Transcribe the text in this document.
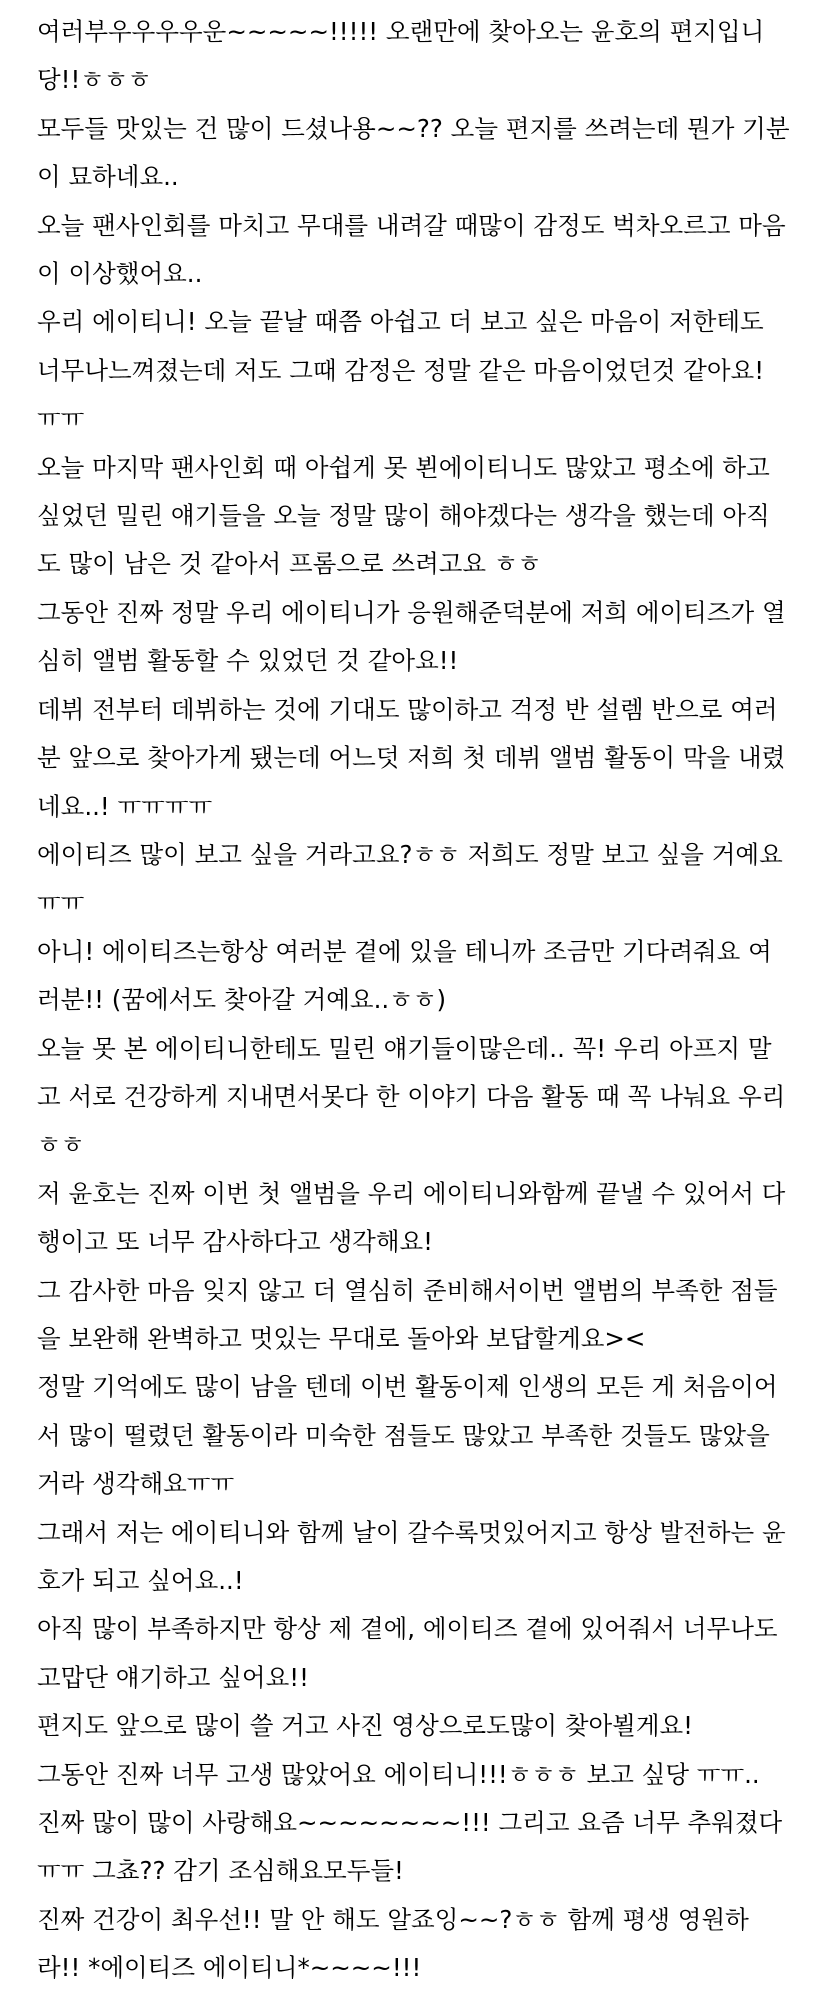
여러부우우우우운~~~~~!!!!! 오랜만에 찾아오는 윤호의 편지입니당!!ㅎㅎㅎ

모두들 맛있는 건 많이 드셨나용~~?? 오늘 편지를 쓰려는데 뭔가 기분이 묘하네요..

오늘 팬사인회를 마치고 무대를 내려갈 때많이 감정도 벅차오르고 마음이 이상했어요..

우리 에이티니! 오늘 끝날 때쯤 아쉽고 더 보고 싶은 마음이 저한테도 너무나느껴졌는데 저도 그때 감정은 정말 같은 마음이었던것 같아요! ㅠㅠ

오늘 마지막 팬사인회 때 아쉽게 못 뵌에이티니도 많았고 평소에 하고 싶었던 밀린 얘기들을 오늘 정말 많이 해야겠다는 생각을 했는데 아직도 많이 남은 것 같아서 프롬으로 쓰려고요 ㅎㅎ

그동안 진짜 정말 우리 에이티니가 응원해준덕분에 저희 에이티즈가 열심히 앨범 활동할 수 있었던 것 같아요!!

데뷔 전부터 데뷔하는 것에 기대도 많이하고 걱정 반 설렘 반으로 여러분 앞으로 찾아가게 됐는데 어느덧 저희 첫 데뷔 앨범 활동이 막을 내렸네요..! ㅠㅠㅠㅠ

에이티즈 많이 보고 싶을 거라고요?ㅎㅎ 저희도 정말 보고 싶을 거예요 ㅠㅠ

아니! 에이티즈는항상 여러분 곁에 있을 테니까 조금만 기다려줘요 여러분!! (꿈에서도 찾아갈 거예요..ㅎㅎ)

오늘 못 본 에이티니한테도 밀린 얘기들이많은데.. 꼭! 우리 아프지 말고 서로 건강하게 지내면서못다 한 이야기 다음 활동 때 꼭 나눠요 우리 ㅎㅎ

저 윤호는 진짜 이번 첫 앨범을 우리 에이티니와함께 끝낼 수 있어서 다행이고 또 너무 감사하다고 생각해요!

그 감사한 마음 잊지 않고 더 열심히 준비해서이번 앨범의 부족한 점들을 보완해 완벽하고 멋있는 무대로 돌아와 보답할게요><

정말 기억에도 많이 남을 텐데 이번 활동이제 인생의 모든 게 처음이어서 많이 떨렸던 활동이라 미숙한 점들도 많았고 부족한 것들도 많았을 거라 생각해요ㅠㅠ

그래서 저는 에이티니와 함께 날이 갈수록멋있어지고 항상 발전하는 윤호가 되고 싶어요..!

아직 많이 부족하지만 항상 제 곁에, 에이티즈 곁에 있어줘서 너무나도 고맙단 얘기하고 싶어요!!

편지도 앞으로 많이 쓸 거고 사진 영상으로도많이 찾아뵐게요!

그동안 진짜 너무 고생 많았어요 에이티니!!!ㅎㅎㅎ 보고 싶당 ㅠㅠ..

진짜 많이 많이 사랑해요~~~~~~~~!!! 그리고 요즘 너무 추워졌다ㅠㅠ 그쵸?? 감기 조심해요모두들!

진짜 건강이 최우선!! 말 안 해도 알죠잉~~?ㅎㅎ 함께 평생 영원하라!! *에이티즈 에이티니*~~~~!!!
